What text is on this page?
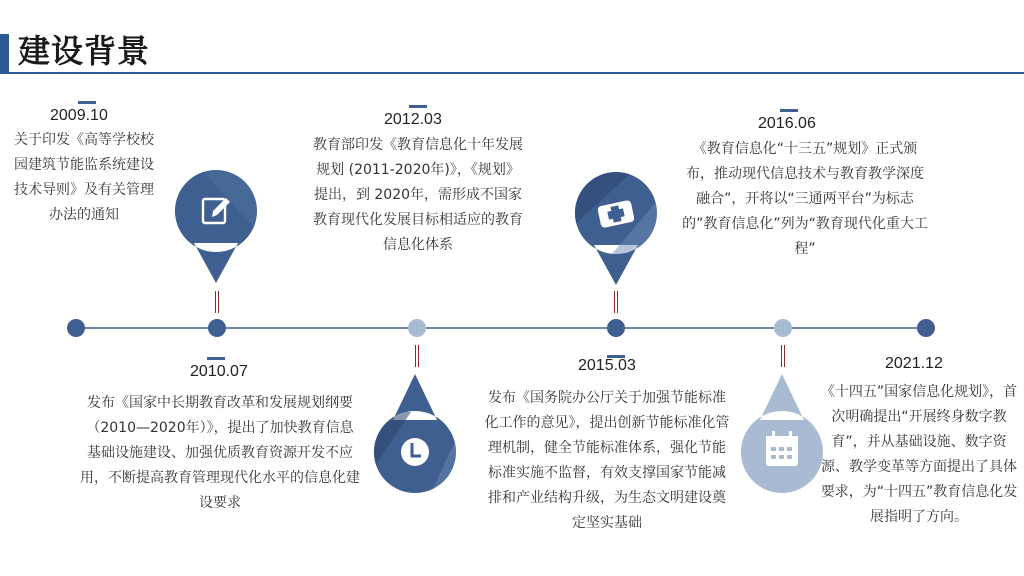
建设背景
2009.10
关于印发《高等学校校园建筑节能监系统建设技术导则》及有关管理办法的通知
2010.07
发布《国家中长期教育改革和发展规划纲要（2010—2020年）》，提出了加快教育信息基础设施建设、加强优质教育资源开发不应用，不断提高教育管理现代化水平的信息化建设要求
2012.03
教育部印发《教育信息化十年发展规划 (2011-2020年)》，《规划》提出，到 2020年，需形成不国家教育现代化发展目标相适应的教育信息化体系
2015.03
发布《国务院办公厅关于加强节能标准化工作的意见》，提出创新节能标准化管理机制，健全节能标准体系，强化节能标准实施不监督，有效支撑国家节能减排和产业结构升级，为生态文明建设奠定坚实基础
2016.06
《教育信息化“十三五”规划》正式颁布，推动现代信息技术与教育教学深度融合”，开将以“三通两平台”为标志的”教育信息化”列为“教育现代化重大工程”
2021.12
《十四五”国家信息化规划》，首次明确提出“开展终身数字教育”，并从基础设施、数字资源、教学变革等方面提出了具体要求，为“十四五”教育信息化发展指明了方向。
